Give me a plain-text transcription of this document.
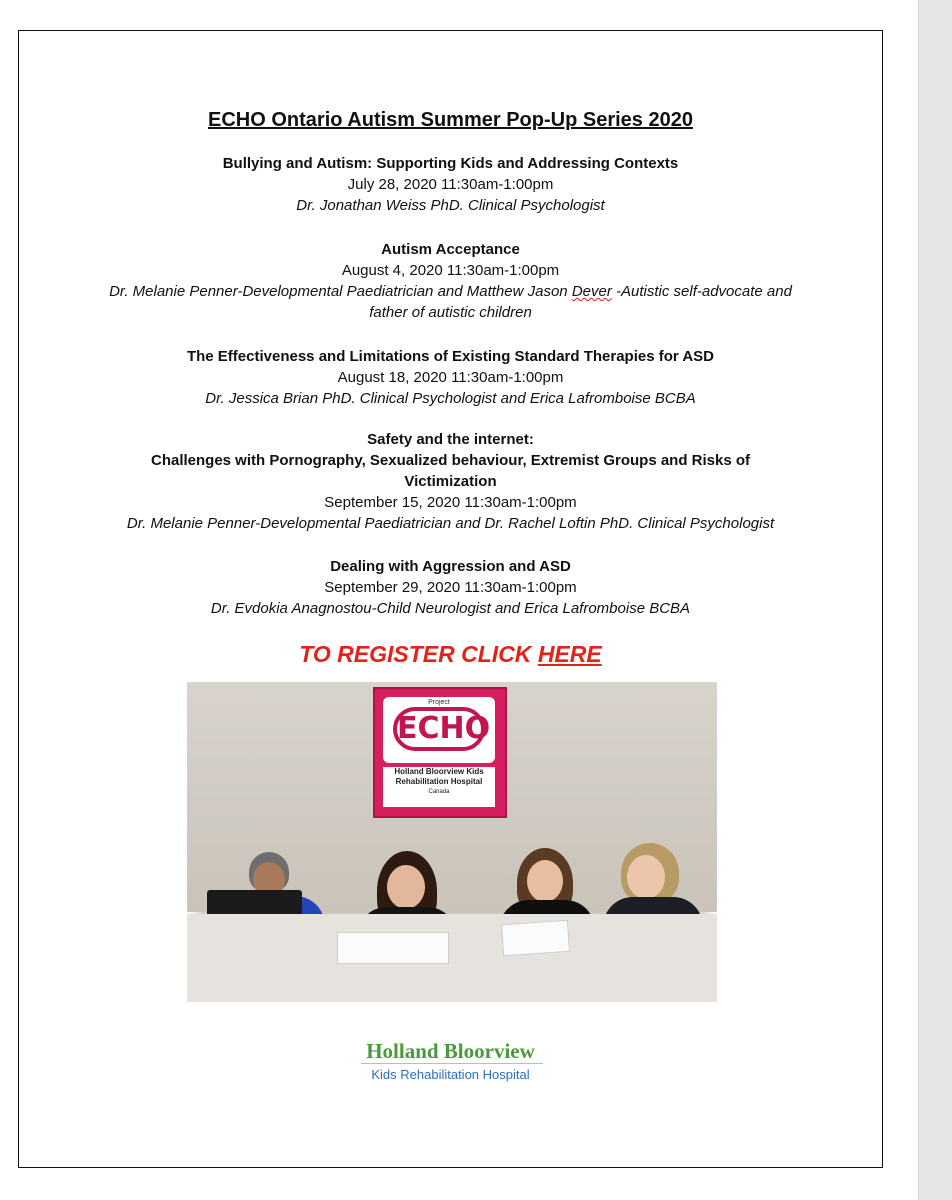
ECHO Ontario Autism Summer Pop-Up Series 2020
Bullying and Autism: Supporting Kids and Addressing Contexts
July 28, 2020 11:30am-1:00pm
Dr. Jonathan Weiss PhD. Clinical Psychologist
Autism Acceptance
August 4, 2020 11:30am-1:00pm
Dr. Melanie Penner-Developmental Paediatrician and Matthew Jason Dever -Autistic self-advocate and
father of autistic children
The Effectiveness and Limitations of Existing Standard Therapies for ASD
August 18, 2020 11:30am-1:00pm
Dr. Jessica Brian PhD. Clinical Psychologist and Erica Lafromboise BCBA
Safety and the internet:
Challenges with Pornography, Sexualized behaviour, Extremist Groups and Risks of
Victimization
September 15, 2020 11:30am-1:00pm
Dr. Melanie Penner-Developmental Paediatrician and Dr. Rachel Loftin PhD. Clinical Psychologist
Dealing with Aggression and ASD
September 29, 2020 11:30am-1:00pm
Dr. Evdokia Anagnostou-Child Neurologist and Erica Lafromboise BCBA
TO REGISTER CLICK HERE
Project
ECHO
Holland Bloorview Kids
Rehabilitation Hospital
Canada
Holland Bloorview
Kids Rehabilitation Hospital
